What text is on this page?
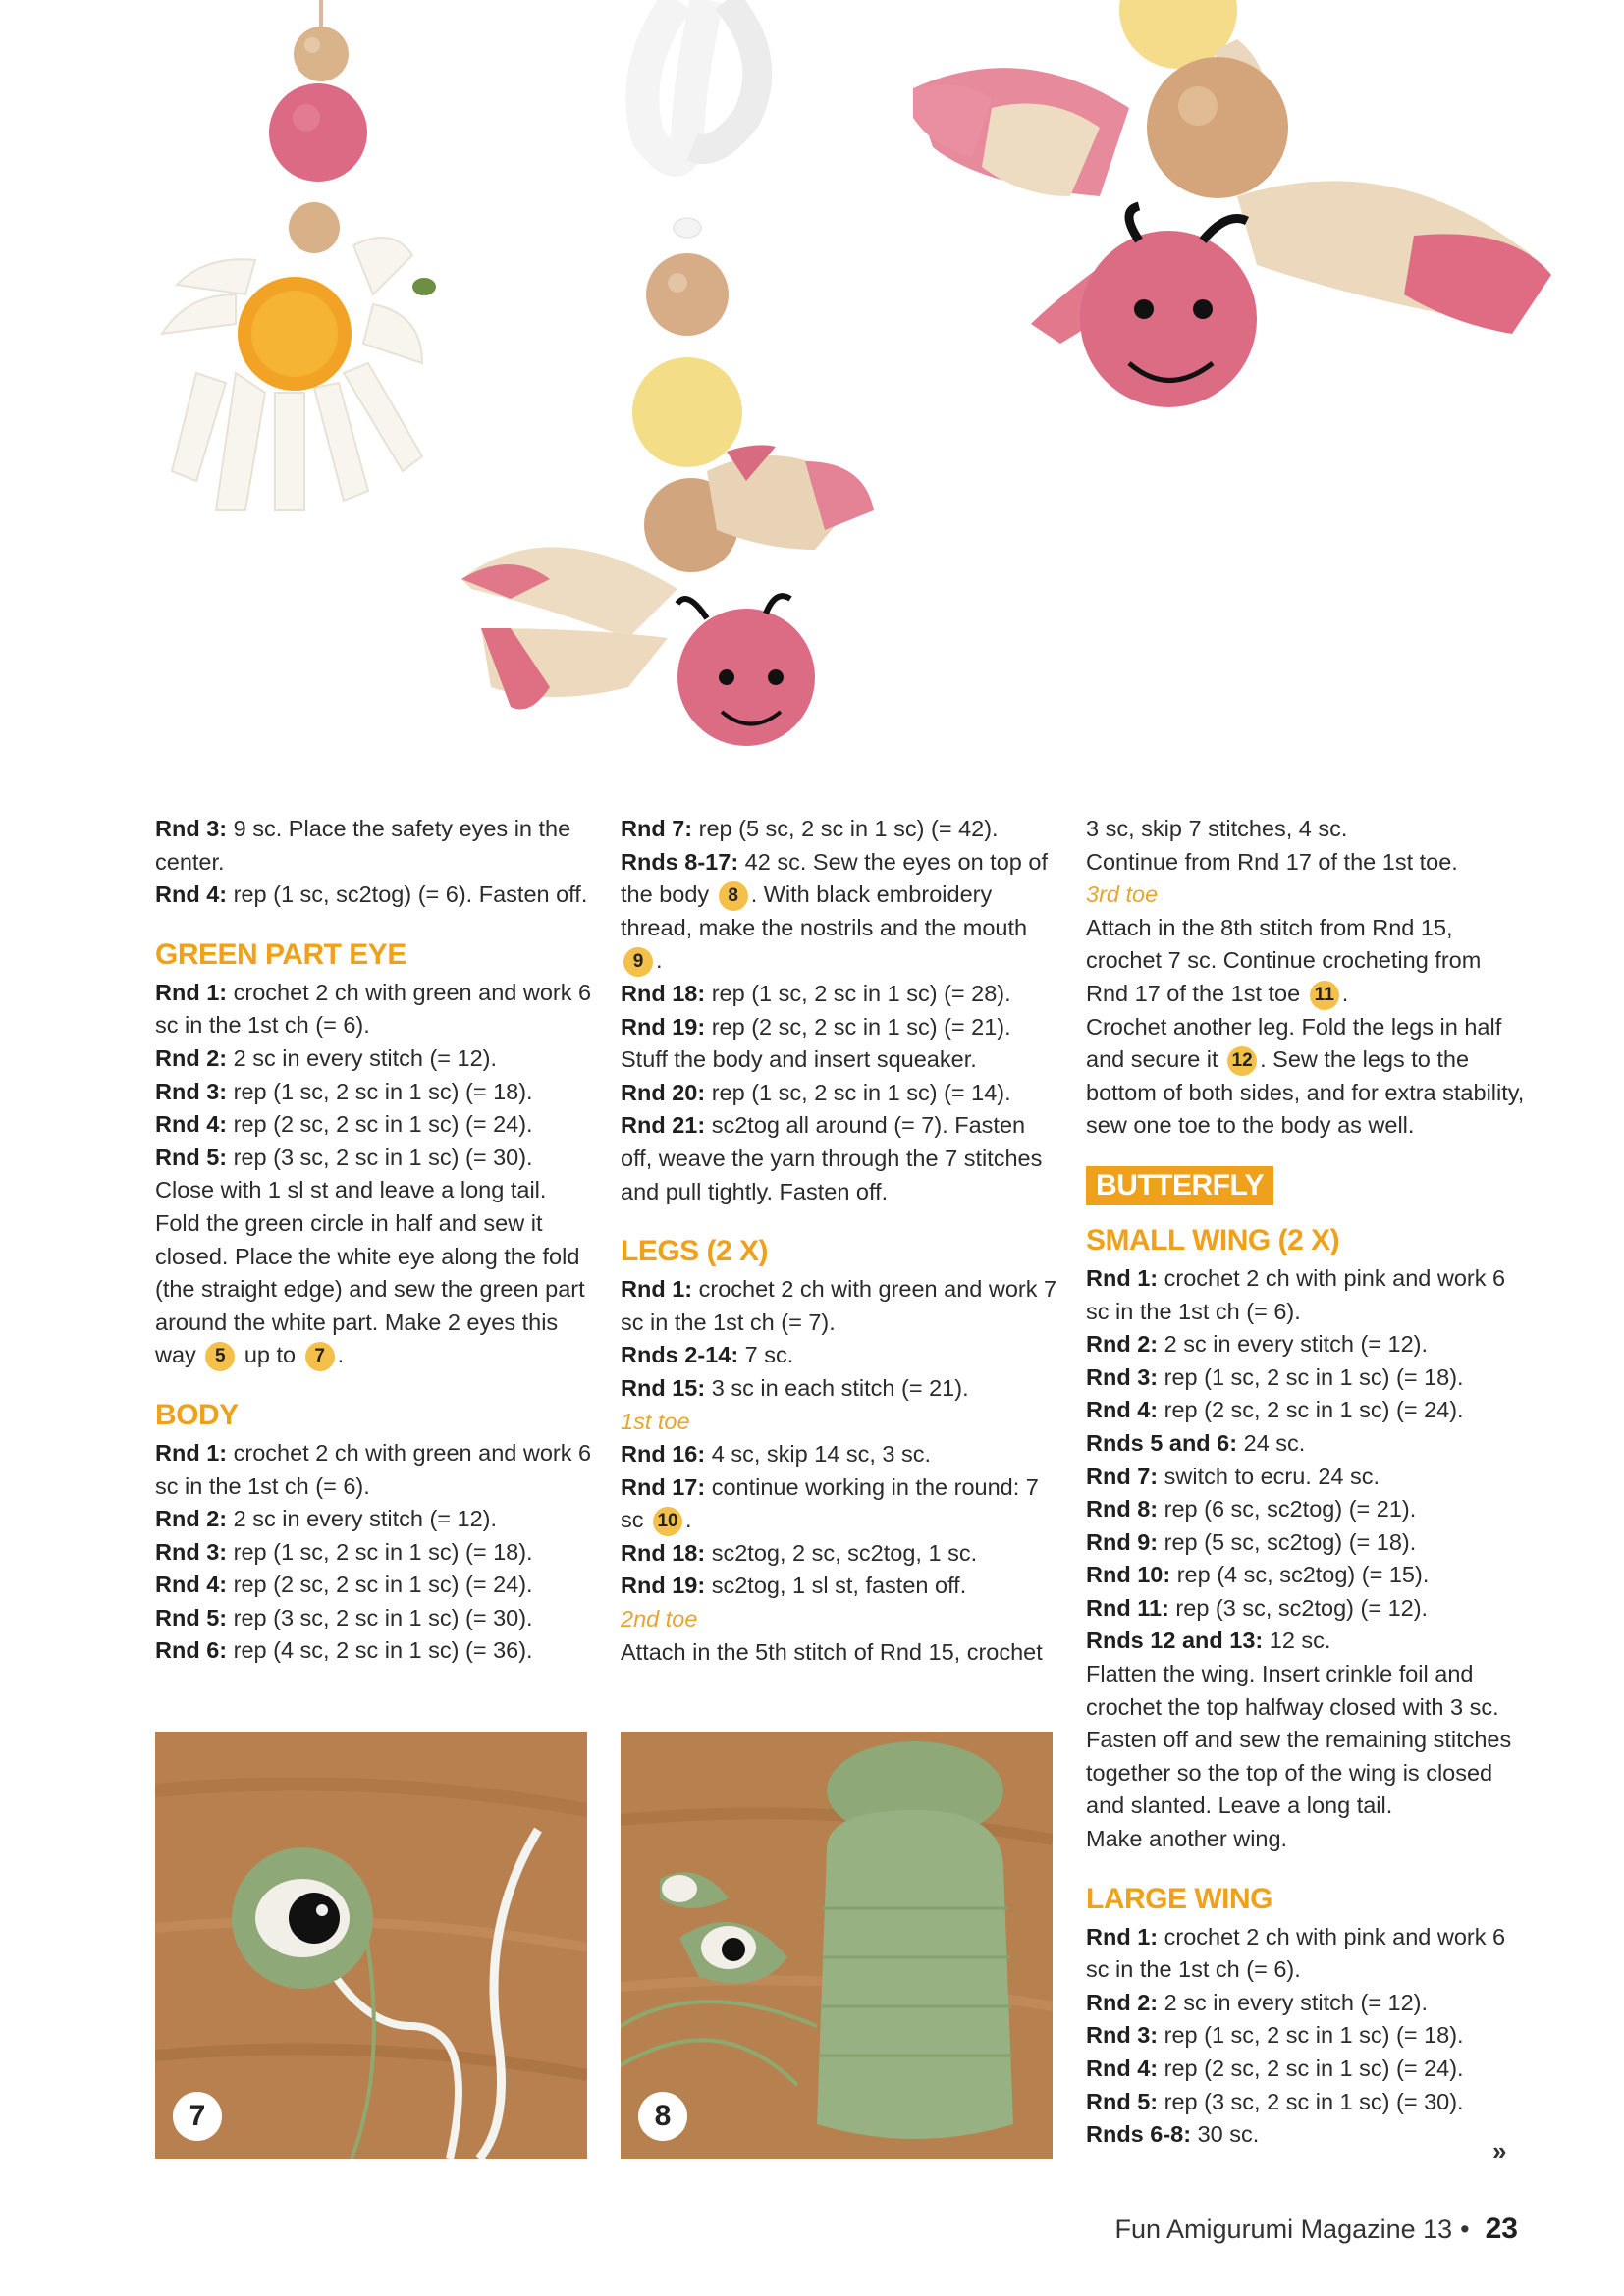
Rnd 3: 9 sc. Place the safety eyes in the center.

Rnd 4: rep (1 sc, sc2tog) (= 6). Fasten off.

GREEN PART EYE

Rnd 1: crochet 2 ch with green and work 6 sc in the 1st ch (= 6).

Rnd 2: 2 sc in every stitch (= 12).

Rnd 3: rep (1 sc, 2 sc in 1 sc) (= 18).

Rnd 4: rep (2 sc, 2 sc in 1 sc) (= 24).

Rnd 5: rep (3 sc, 2 sc in 1 sc) (= 30).

Close with 1 sl st and leave a long tail. Fold the green circle in half and sew it closed. Place the white eye along the fold (the straight edge) and sew the green part around the white part. Make 2 eyes this way 5 up to 7 .

BODY

Rnd 1: crochet 2 ch with green and work 6 sc in the 1st ch (= 6).

Rnd 2: 2 sc in every stitch (= 12).

Rnd 3: rep (1 sc, 2 sc in 1 sc) (= 18).

Rnd 4: rep (2 sc, 2 sc in 1 sc) (= 24).

Rnd 5: rep (3 sc, 2 sc in 1 sc) (= 30).

Rnd 6: rep (4 sc, 2 sc in 1 sc) (= 36).

Rnd 7: rep (5 sc, 2 sc in 1 sc) (= 42).

Rnds 8-17: 42 sc. Sew the eyes on top of the body 8 . With black embroidery thread, make the nostrils and the mouth 9 .

Rnd 18: rep (1 sc, 2 sc in 1 sc) (= 28).

Rnd 19: rep (2 sc, 2 sc in 1 sc) (= 21).

Stuff the body and insert squeaker.

Rnd 20: rep (1 sc, 2 sc in 1 sc) (= 14).

Rnd 21: sc2tog all around (= 7). Fasten off, weave the yarn through the 7 stitches and pull tightly. Fasten off.

LEGS (2 X)

Rnd 1: crochet 2 ch with green and work 7 sc in the 1st ch (= 7).

Rnds 2-14: 7 sc.

Rnd 15: 3 sc in each stitch (= 21).

1st toe

Rnd 16: 4 sc, skip 14 sc, 3 sc.

Rnd 17: continue working in the round: 7 sc 10 .

Rnd 18: sc2tog, 2 sc, sc2tog, 1 sc.

Rnd 19: sc2tog, 1 sl st, fasten off.

2nd toe

Attach in the 5th stitch of Rnd 15, crochet

3 sc, skip 7 stitches, 4 sc.

Continue from Rnd 17 of the 1st toe.

3rd toe

Attach in the 8th stitch from Rnd 15, crochet 7 sc. Continue crocheting from Rnd 17 of the 1st toe 11 .

Crochet another leg. Fold the legs in half and secure it 12 . Sew the legs to the bottom of both sides, and for extra stability, sew one toe to the body as well.

BUTTERFLY
SMALL WING (2 X)

Rnd 1: crochet 2 ch with pink and work 6 sc in the 1st ch (= 6).

Rnd 2: 2 sc in every stitch (= 12).

Rnd 3: rep (1 sc, 2 sc in 1 sc) (= 18).

Rnd 4: rep (2 sc, 2 sc in 1 sc) (= 24).

Rnds 5 and 6: 24 sc.

Rnd 7: switch to ecru. 24 sc.

Rnd 8: rep (6 sc, sc2tog) (= 21).

Rnd 9: rep (5 sc, sc2tog) (= 18).

Rnd 10: rep (4 sc, sc2tog) (= 15).

Rnd 11: rep (3 sc, sc2tog) (= 12).

Rnds 12 and 13: 12 sc.

Flatten the wing. Insert crinkle foil and crochet the top halfway closed with 3 sc. Fasten off and sew the remaining stitches together so the top of the wing is closed and slanted. Leave a long tail.

Make another wing.

LARGE WING

Rnd 1: crochet 2 ch with pink and work 6 sc in the 1st ch (= 6).

Rnd 2: 2 sc in every stitch (= 12).

Rnd 3: rep (1 sc, 2 sc in 1 sc) (= 18).

Rnd 4: rep (2 sc, 2 sc in 1 sc) (= 24).

Rnd 5: rep (3 sc, 2 sc in 1 sc) (= 30).

Rnds 6-8: 30 sc.

7	8
»
Fun Amigurumi Magazine 13 • 23
